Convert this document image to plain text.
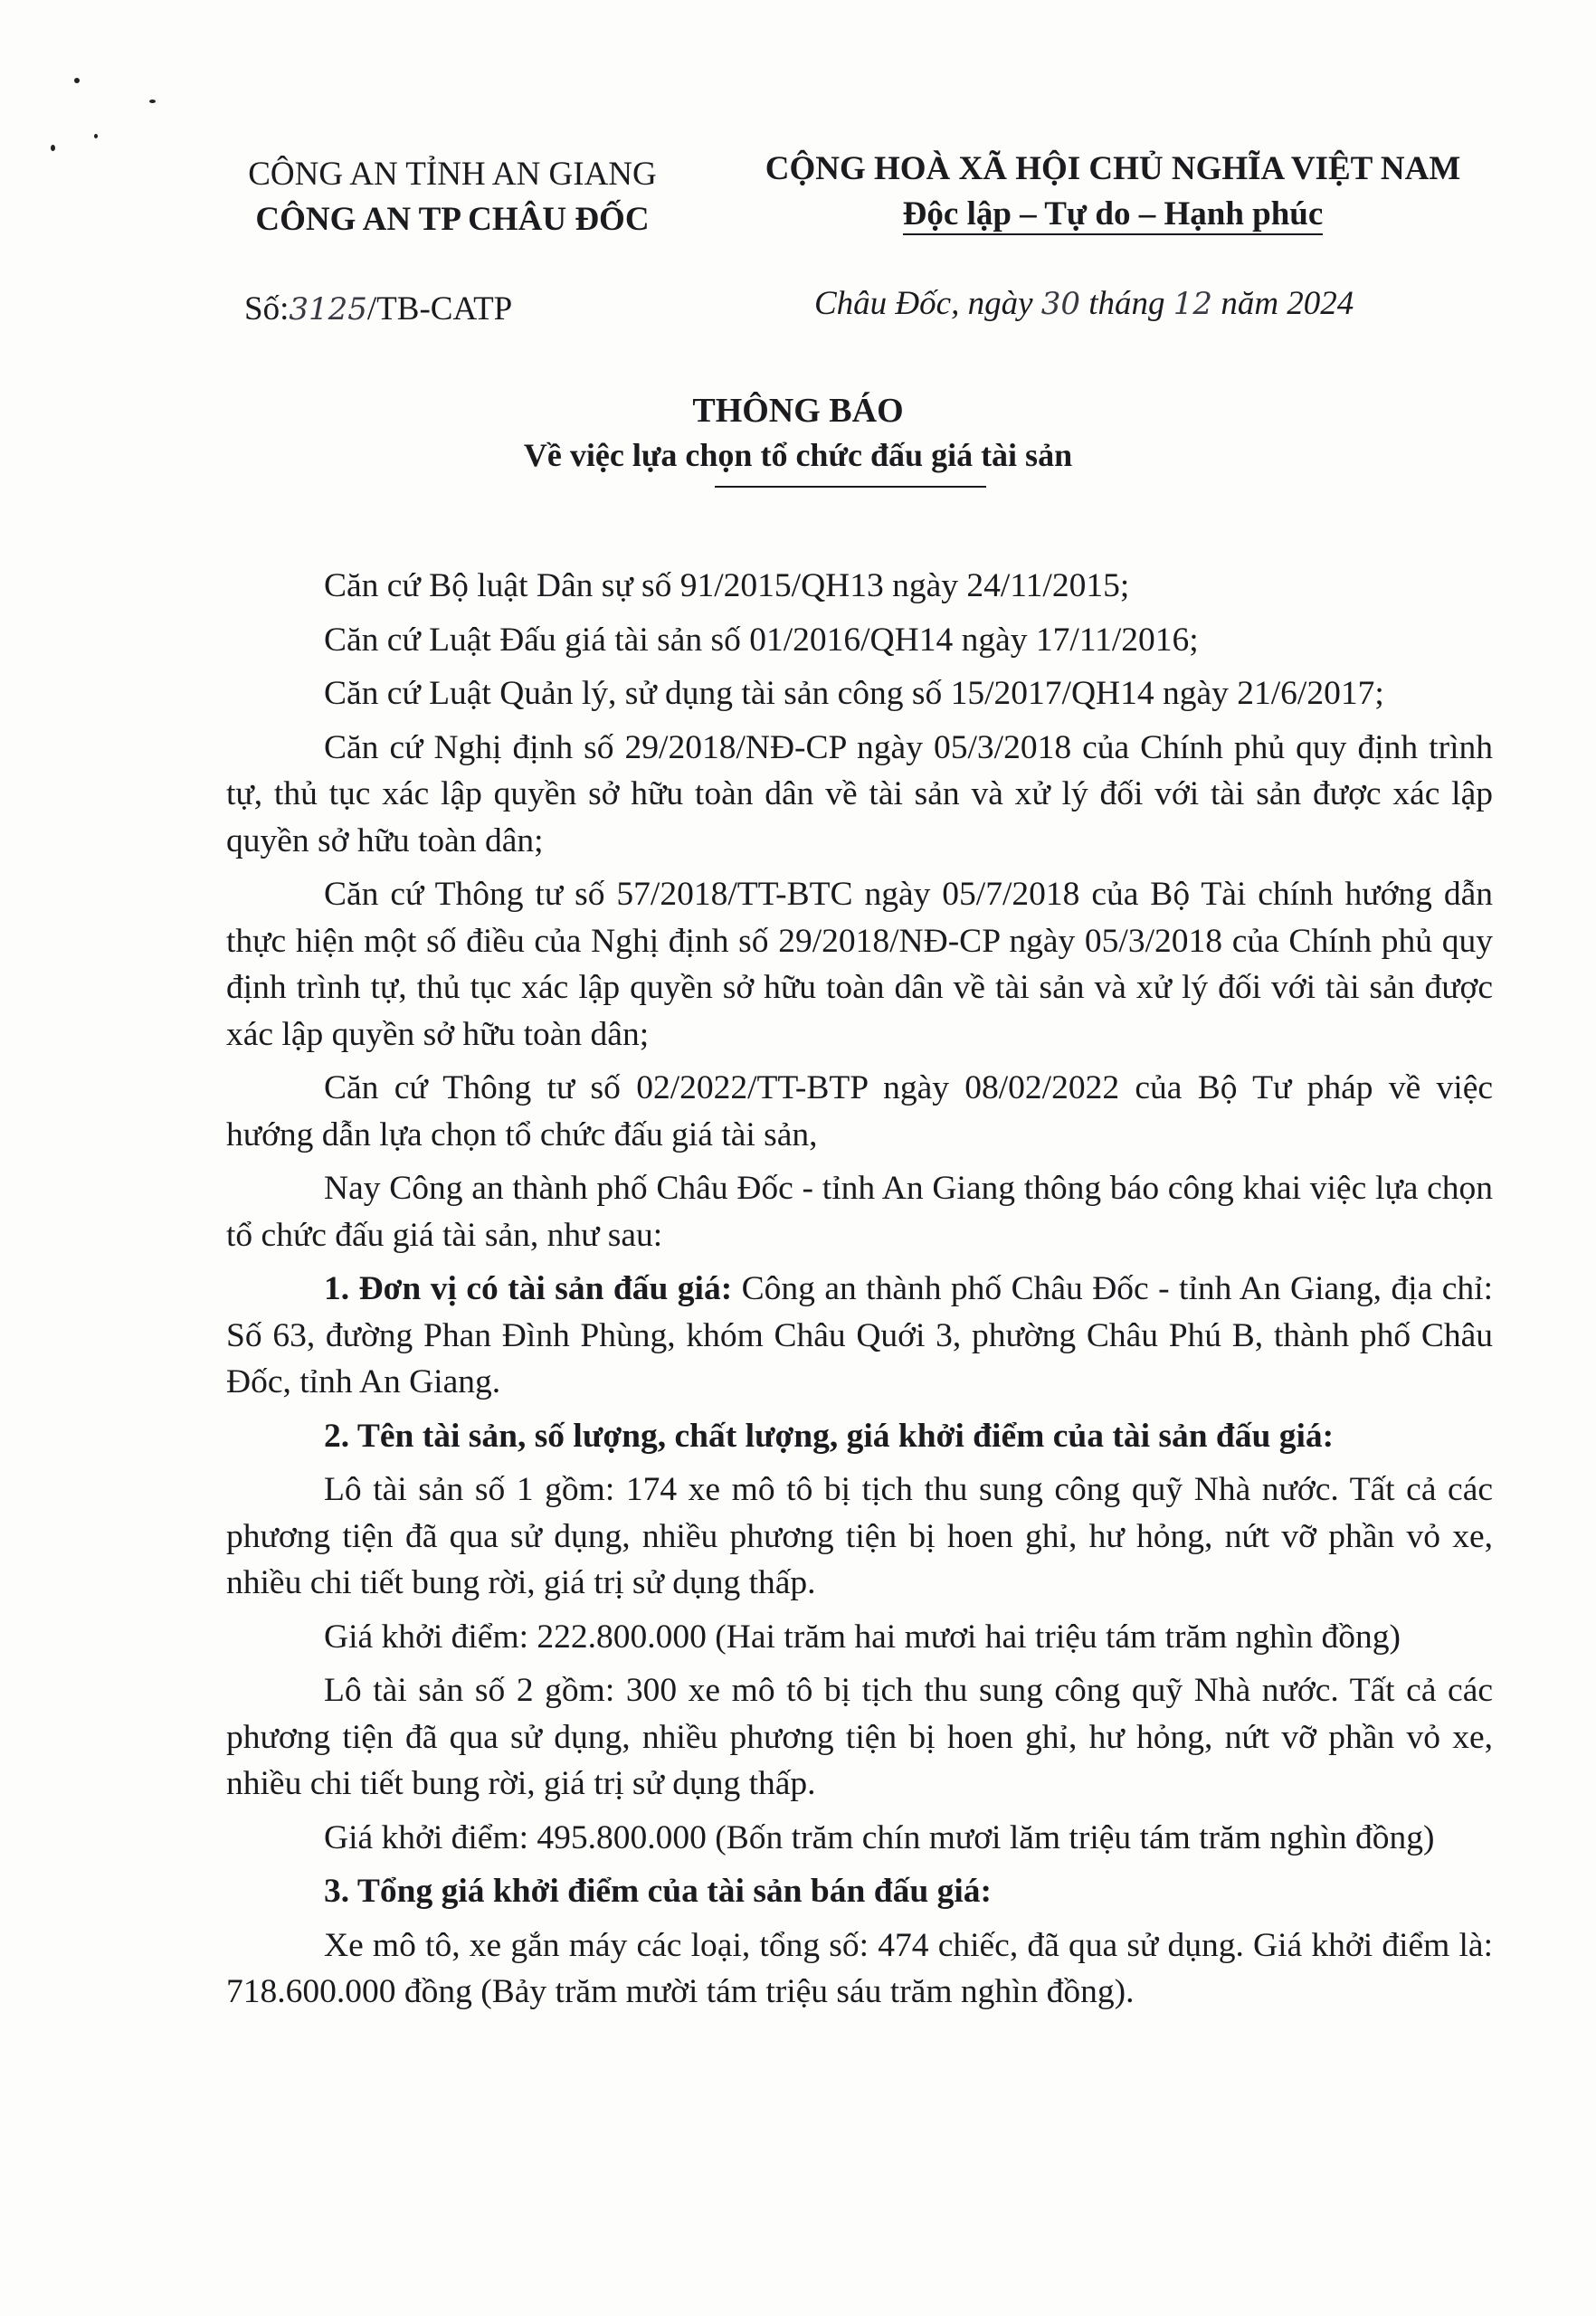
CÔNG AN TỈNH AN GIANG
CÔNG AN TP CHÂU ĐỐC
CỘNG HOÀ XÃ HỘI CHỦ NGHĨA VIỆT NAM
Độc lập – Tự do – Hạnh phúc
Số:3125/TB-CATP	Châu Đốc, ngày 30 tháng 12 năm 2024
THÔNG BÁO
Về việc lựa chọn tổ chức đấu giá tài sản

Căn cứ Bộ luật Dân sự số 91/2015/QH13 ngày 24/11/2015;

Căn cứ Luật Đấu giá tài sản số 01/2016/QH14 ngày 17/11/2016;

Căn cứ Luật Quản lý, sử dụng tài sản công số 15/2017/QH14 ngày 21/6/2017;

Căn cứ Nghị định số 29/2018/NĐ-CP ngày 05/3/2018 của Chính phủ quy định trình tự, thủ tục xác lập quyền sở hữu toàn dân về tài sản và xử lý đối với tài sản được xác lập quyền sở hữu toàn dân;

Căn cứ Thông tư số 57/2018/TT-BTC ngày 05/7/2018 của Bộ Tài chính hướng dẫn thực hiện một số điều của Nghị định số 29/2018/NĐ-CP ngày 05/3/2018 của Chính phủ quy định trình tự, thủ tục xác lập quyền sở hữu toàn dân về tài sản và xử lý đối với tài sản được xác lập quyền sở hữu toàn dân;

Căn cứ Thông tư số 02/2022/TT-BTP ngày 08/02/2022 của Bộ Tư pháp về việc hướng dẫn lựa chọn tổ chức đấu giá tài sản,

Nay Công an thành phố Châu Đốc - tỉnh An Giang thông báo công khai việc lựa chọn tổ chức đấu giá tài sản, như sau:

1. Đơn vị có tài sản đấu giá: Công an thành phố Châu Đốc - tỉnh An Giang, địa chỉ: Số 63, đường Phan Đình Phùng, khóm Châu Quới 3, phường Châu Phú B, thành phố Châu Đốc, tỉnh An Giang.

2. Tên tài sản, số lượng, chất lượng, giá khởi điểm của tài sản đấu giá:

Lô tài sản số 1 gồm: 174 xe mô tô bị tịch thu sung công quỹ Nhà nước. Tất cả các phương tiện đã qua sử dụng, nhiều phương tiện bị hoen ghỉ, hư hỏng, nứt vỡ phần vỏ xe, nhiều chi tiết bung rời, giá trị sử dụng thấp.

Giá khởi điểm: 222.800.000 (Hai trăm hai mươi hai triệu tám trăm nghìn đồng)

Lô tài sản số 2 gồm: 300 xe mô tô bị tịch thu sung công quỹ Nhà nước. Tất cả các phương tiện đã qua sử dụng, nhiều phương tiện bị hoen ghỉ, hư hỏng, nứt vỡ phần vỏ xe, nhiều chi tiết bung rời, giá trị sử dụng thấp.

Giá khởi điểm: 495.800.000 (Bốn trăm chín mươi lăm triệu tám trăm nghìn đồng)

3. Tổng giá khởi điểm của tài sản bán đấu giá:

Xe mô tô, xe gắn máy các loại, tổng số: 474 chiếc, đã qua sử dụng. Giá khởi điểm là: 718.600.000 đồng (Bảy trăm mười tám triệu sáu trăm nghìn đồng).
